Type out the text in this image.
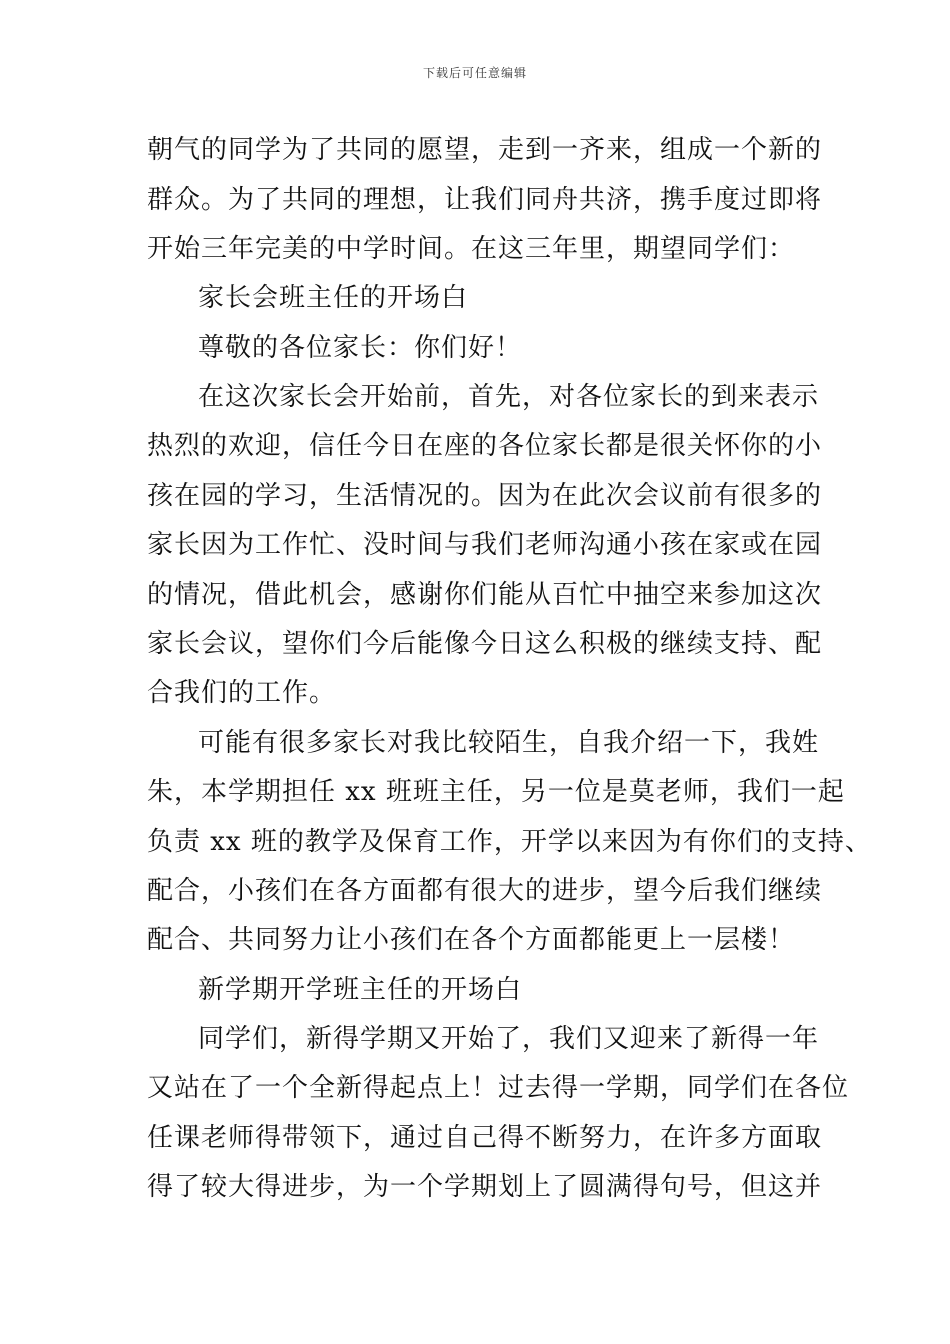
下载后可任意编辑
朝气的同学为了共同的愿望，走到一齐来，组成一个新的
群众。为了共同的理想，让我们同舟共济，携手度过即将
开始三年完美的中学时间。在这三年里，期望同学们：
家长会班主任的开场白
尊敬的各位家长：你们好！
在这次家长会开始前，首先，对各位家长的到来表示
热烈的欢迎，信任今日在座的各位家长都是很关怀你的小
孩在园的学习，生活情况的。因为在此次会议前有很多的
家长因为工作忙、没时间与我们老师沟通小孩在家或在园
的情况，借此机会，感谢你们能从百忙中抽空来参加这次
家长会议，望你们今后能像今日这么积极的继续支持、配
合我们的工作。
可能有很多家长对我比较陌生，自我介绍一下，我姓
朱，本学期担任 xx 班班主任，另一位是莫老师，我们一起
负责 xx 班的教学及保育工作，开学以来因为有你们的支持、
配合，小孩们在各方面都有很大的进步，望今后我们继续
配合、共同努力让小孩们在各个方面都能更上一层楼！
新学期开学班主任的开场白
同学们，新得学期又开始了，我们又迎来了新得一年
又站在了一个全新得起点上！过去得一学期，同学们在各位
任课老师得带领下，通过自己得不断努力，在许多方面取
得了较大得进步，为一个学期划上了圆满得句号，但这并
